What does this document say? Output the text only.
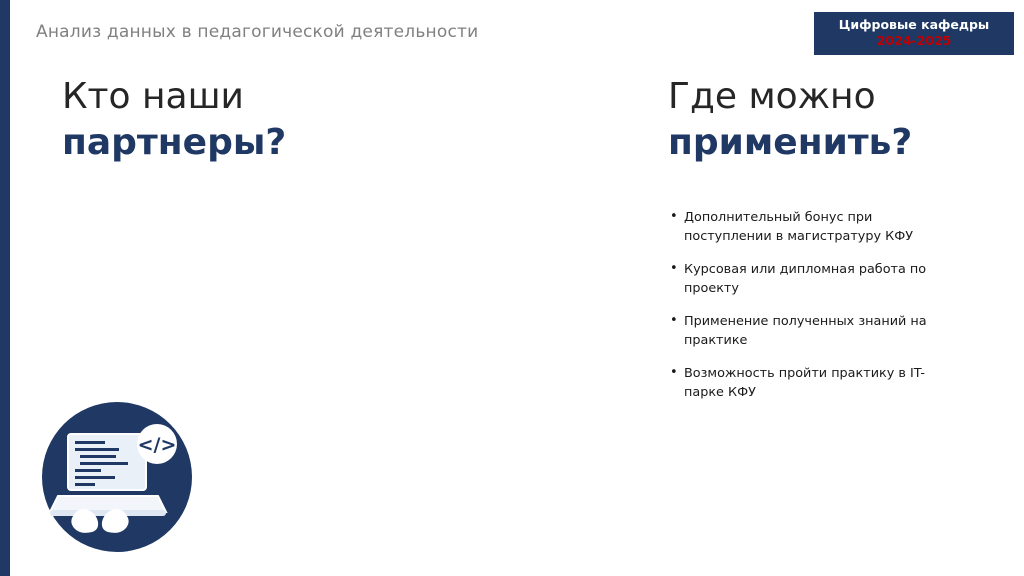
Анализ данных в педагогической деятельности	Цифровые кафедры 2024-2025
Кто наши
партнеры?
Где можно
применить?
• Дополнительный бонус при поступлении в магистратуру КФУ
• Курсовая или дипломная работа по проекту
• Применение полученных знаний на практике
• Возможность пройти практику в IT-парке КФУ
</>
